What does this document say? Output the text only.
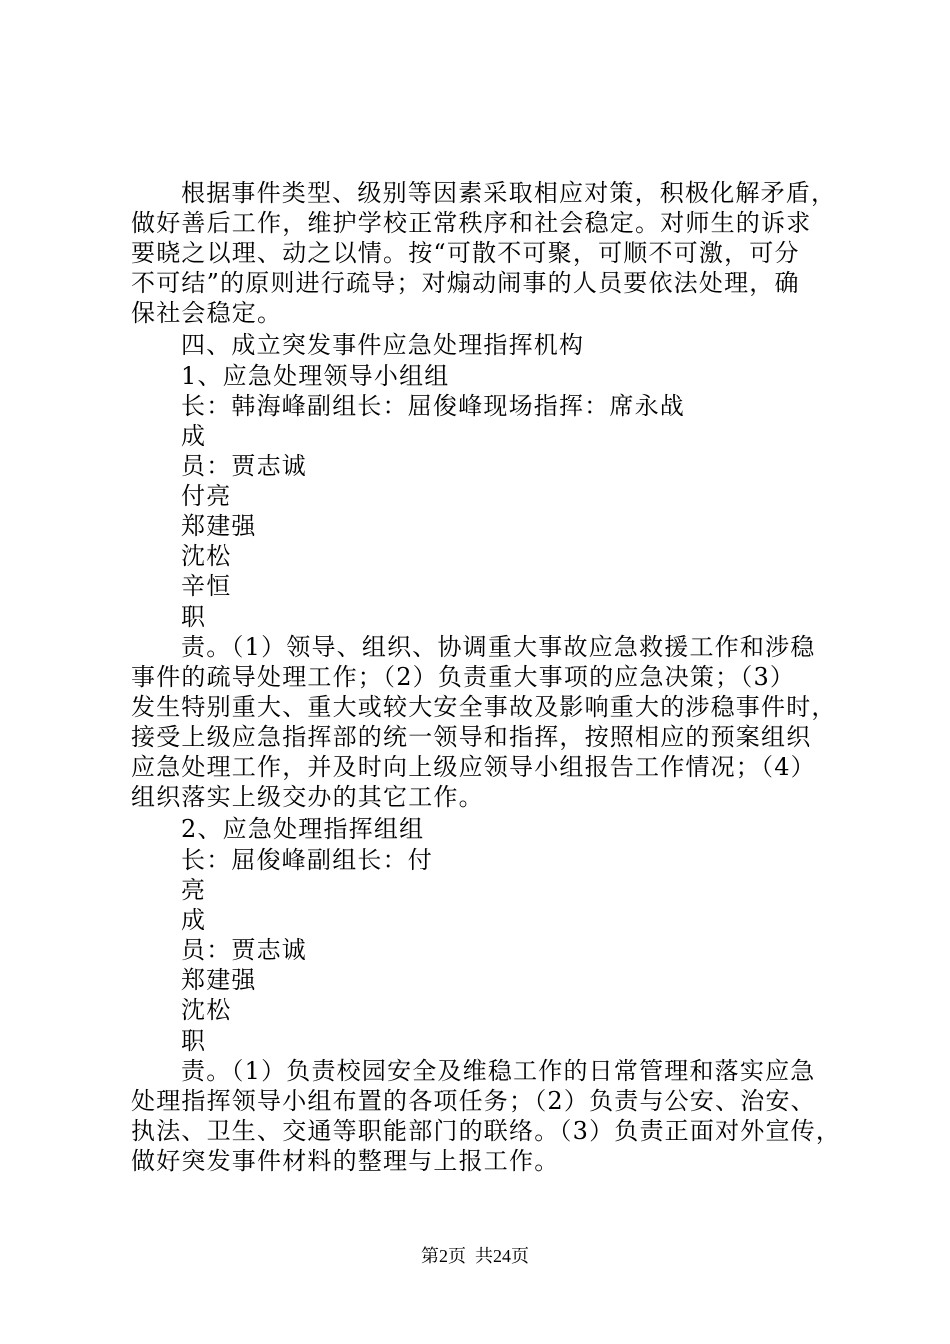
根据事件类型、级别等因素采取相应对策，积极化解矛盾，
做好善后工作，维护学校正常秩序和社会稳定。对师生的诉求
要晓之以理、动之以情。按“可散不可聚，可顺不可激，可分
不可结”的原则进行疏导；对煽动闹事的人员要依法处理，确
保社会稳定。
四、成立突发事件应急处理指挥机构
1、应急处理领导小组组
长：韩海峰副组长：屈俊峰现场指挥：席永战
成
员：贾志诚
付亮
郑建强
沈松
辛恒
职
责。（1）领导、组织、协调重大事故应急救援工作和涉稳
事件的疏导处理工作；（2）负责重大事项的应急决策；（3）
发生特别重大、重大或较大安全事故及影响重大的涉稳事件时，
接受上级应急指挥部的统一领导和指挥，按照相应的预案组织
应急处理工作，并及时向上级应领导小组报告工作情况；（4）
组织落实上级交办的其它工作。
2、应急处理指挥组组
长：屈俊峰副组长：付
亮
成
员：贾志诚
郑建强
沈松
职
责。（1）负责校园安全及维稳工作的日常管理和落实应急
处理指挥领导小组布置的各项任务；（2）负责与公安、治安、
执法、卫生、交通等职能部门的联络。（3）负责正面对外宣传，
做好突发事件材料的整理与上报工作。
第2页  共24页
